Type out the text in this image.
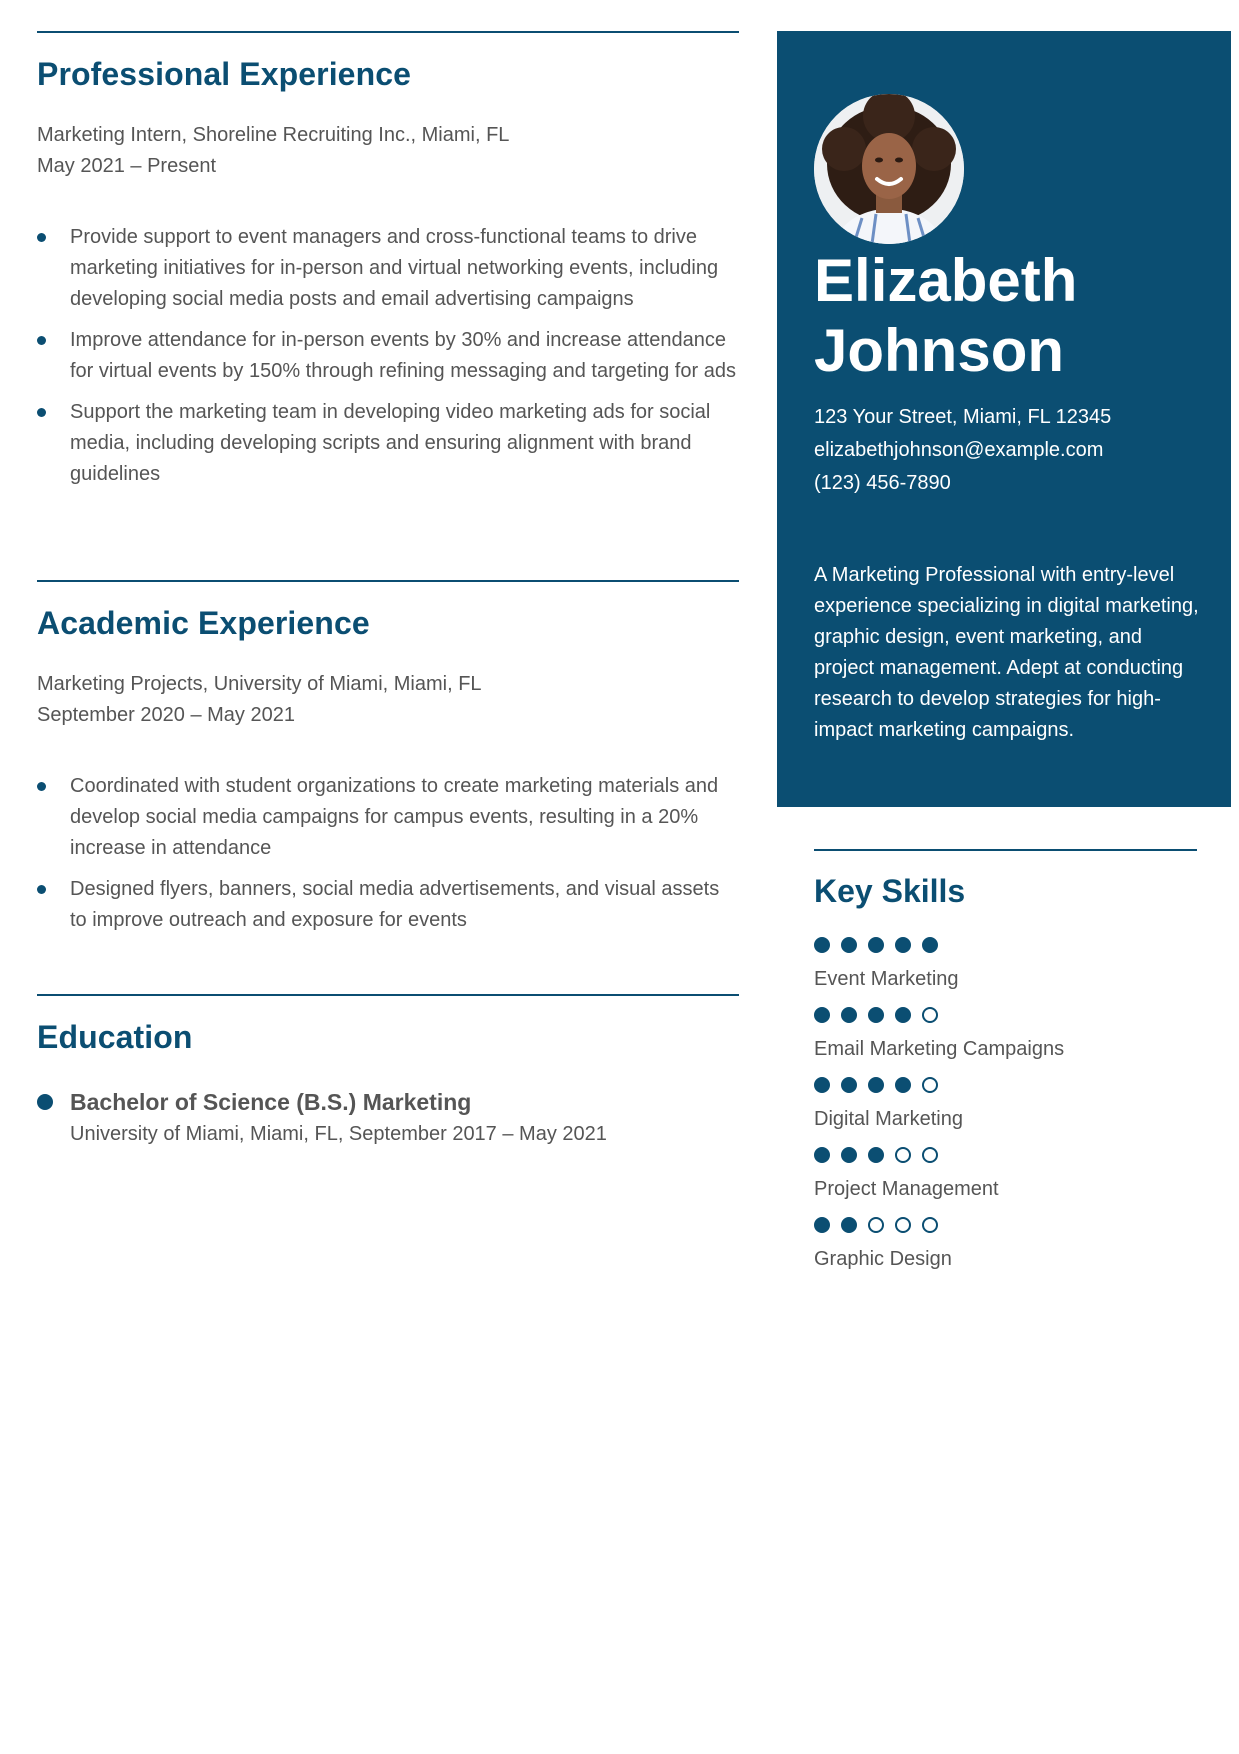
Professional Experience
Marketing Intern, Shoreline Recruiting Inc., Miami, FL
May 2021 – Present
Provide support to event managers and cross-functional teams to drive marketing initiatives for in-person and virtual networking events, including developing social media posts and email advertising campaigns
Improve attendance for in-person events by 30% and increase attendance for virtual events by 150% through refining messaging and targeting for ads
Support the marketing team in developing video marketing ads for social media, including developing scripts and ensuring alignment with brand guidelines
Academic Experience
Marketing Projects, University of Miami, Miami, FL
September 2020 – May 2021
Coordinated with student organizations to create marketing materials and develop social media campaigns for campus events, resulting in a 20% increase in attendance
Designed flyers, banners, social media advertisements, and visual assets to improve outreach and exposure for events
Education
Bachelor of Science (B.S.) Marketing
University of Miami, Miami, FL, September 2017 – May 2021
Elizabeth
Johnson
123 Your Street, Miami, FL 12345
elizabethjohnson@example.com
(123) 456-7890

A Marketing Professional with entry-level experience specializing in digital marketing, graphic design, event marketing, and project management. Adept at conducting research to develop strategies for high-impact marketing campaigns.

Key Skills
Event Marketing
Email Marketing Campaigns
Digital Marketing
Project Management
Graphic Design
